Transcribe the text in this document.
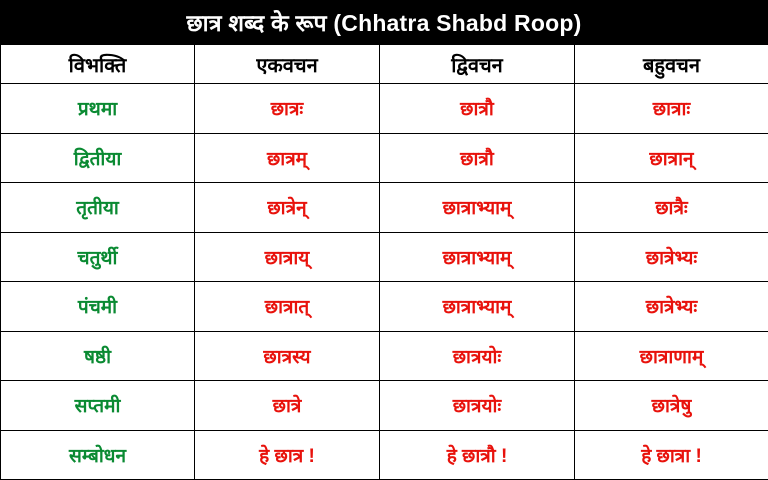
छात्र शब्द के रूप (Chhatra Shabd Roop)
विभक्ति	एकवचन	द्विवचन	बहुवचन
प्रथमा	छात्रः	छात्रौ	छात्राः
द्वितीया	छात्रम्	छात्रौ	छात्रान्
तृतीया	छात्रेन्	छात्राभ्याम्	छात्रैः
चतुर्थी	छात्राय्	छात्राभ्याम्	छात्रेभ्यः
पंचमी	छात्रात्	छात्राभ्याम्	छात्रेभ्यः
षष्ठी	छात्रस्य	छात्रयोः	छात्राणाम्
सप्तमी	छात्रे	छात्रयोः	छात्रेषु
सम्बोधन	हे छात्र !	हे छात्रौ !	हे छात्रा !
